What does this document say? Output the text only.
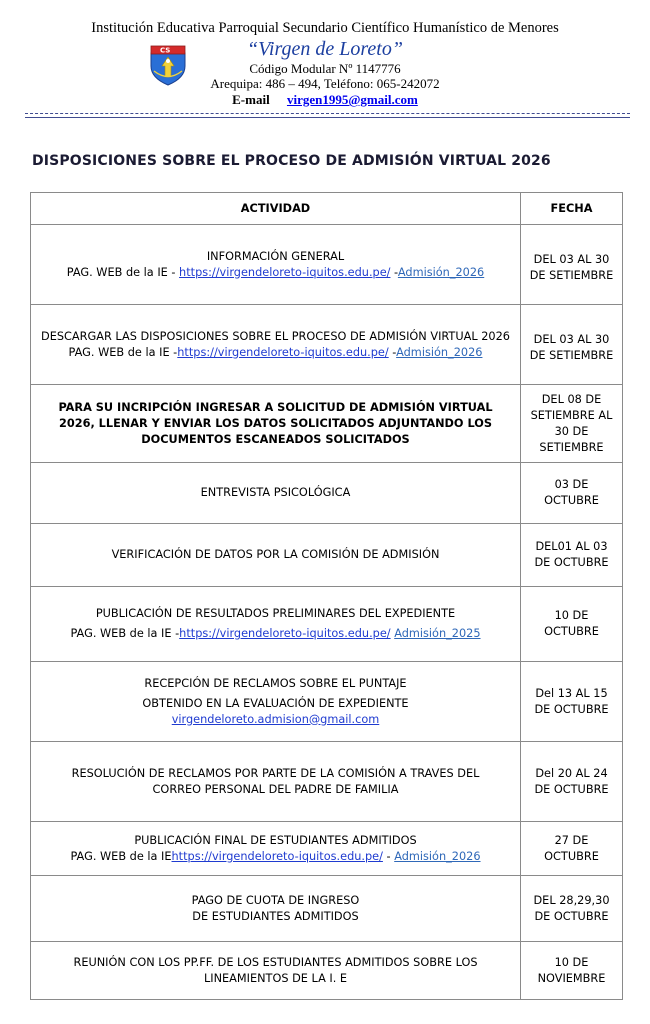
Institución Educativa Parroquial Secundario Científico Humanístico de Menores
“Virgen de Loreto”
Código Modular Nº 1147776
Arequipa: 486 – 494, Teléfono: 065-242072
E-mail virgen1995@gmail.com
CS
DISPOSICIONES SOBRE EL PROCESO DE ADMISIÓN VIRTUAL 2026
ACTIVIDAD	FECHA
INFORMACIÓN GENERAL
PAG. WEB de la IE - https://virgendeloreto-iquitos.edu.pe/ -Admisión_2026	DEL 03 AL 30 DE SETIEMBRE
DESCARGAR LAS DISPOSICIONES SOBRE EL PROCESO DE ADMISIÓN VIRTUAL 2026
PAG. WEB de la IE -https://virgendeloreto-iquitos.edu.pe/ -Admisión_2026	DEL 03 AL 30 DE SETIEMBRE
PARA SU INCRIPCIÓN INGRESAR A SOLICITUD DE ADMISIÓN VIRTUAL 2026, LLENAR Y ENVIAR LOS DATOS SOLICITADOS ADJUNTANDO LOS DOCUMENTOS ESCANEADOS SOLICITADOS	DEL 08 DE SETIEMBRE AL 30 DE SETIEMBRE
ENTREVISTA PSICOLÓGICA	03 DE OCTUBRE
VERIFICACIÓN DE DATOS POR LA COMISIÓN DE ADMISIÓN	DEL01 AL 03 DE OCTUBRE
PUBLICACIÓN DE RESULTADOS PRELIMINARES DEL EXPEDIENTE
PAG. WEB de la IE -https://virgendeloreto-iquitos.edu.pe/ Admisión_2025	10 DE OCTUBRE
RECEPCIÓN DE RECLAMOS SOBRE EL PUNTAJE
OBTENIDO EN LA EVALUACIÓN DE EXPEDIENTE
virgendeloreto.admision@gmail.com	Del 13 AL 15 DE OCTUBRE
RESOLUCIÓN DE RECLAMOS POR PARTE DE LA COMISIÓN A TRAVES DEL
CORREO PERSONAL DEL PADRE DE FAMILIA	Del 20 AL 24 DE OCTUBRE
PUBLICACIÓN FINAL DE ESTUDIANTES ADMITIDOS
PAG. WEB de la IEhttps://virgendeloreto-iquitos.edu.pe/ - Admisión_2026	27 DE OCTUBRE
PAGO DE CUOTA DE INGRESO
DE ESTUDIANTES ADMITIDOS	DEL 28,29,30 DE OCTUBRE
REUNIÓN CON LOS PP.FF. DE LOS ESTUDIANTES ADMITIDOS SOBRE LOS
LINEAMIENTOS DE LA I. E	10 DE NOVIEMBRE
